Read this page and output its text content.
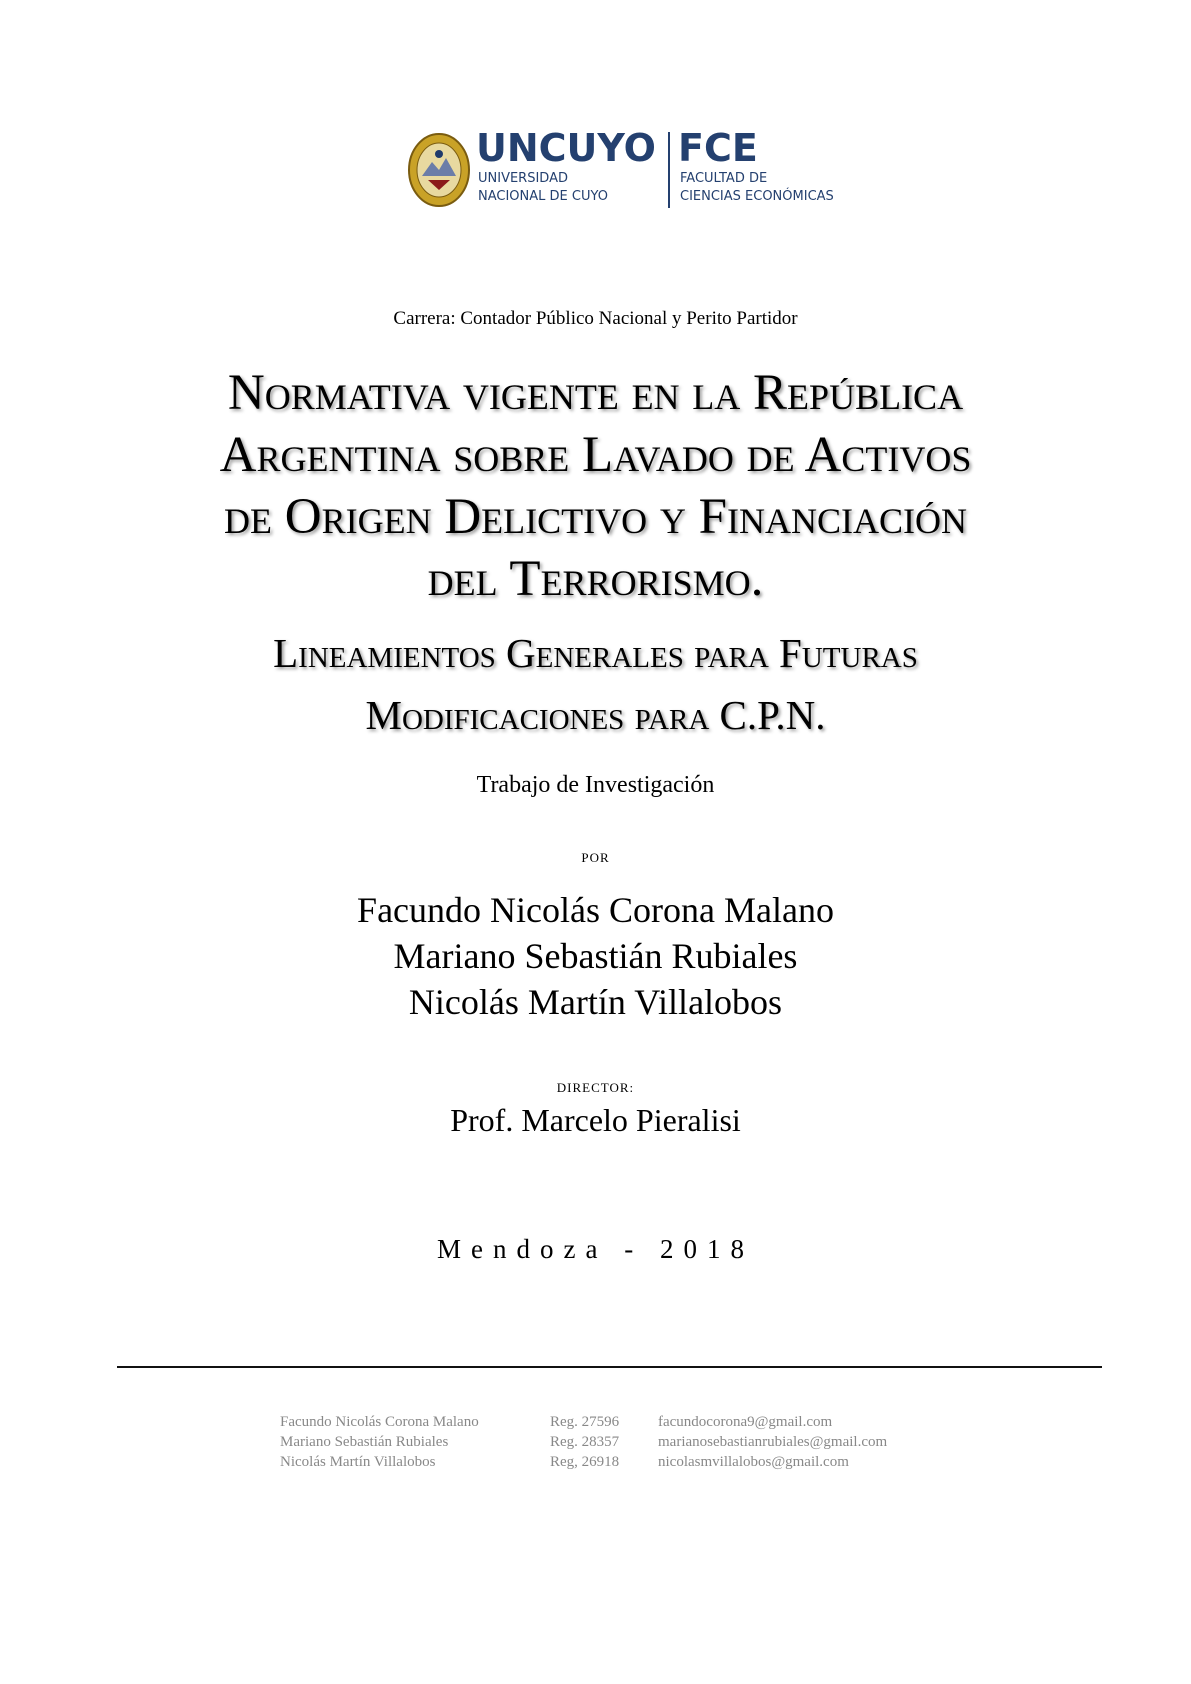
UNCUYO
UNIVERSIDAD
NACIONAL DE CUYO
FCE
FACULTAD DE
CIENCIAS ECONÓMICAS
Carrera: Contador Público Nacional y Perito Partidor
Normativa vigente en la República
Argentina sobre Lavado de Activos
de Origen Delictivo y Financiación
del Terrorismo.
Lineamientos Generales para Futuras
Modificaciones para C.P.N.
Trabajo de Investigación
POR
Facundo Nicolás Corona Malano
Mariano Sebastián Rubiales
Nicolás Martín Villalobos
DIRECTOR:
Prof. Marcelo Pieralisi
Mendoza - 2018
Facundo Nicolás Corona Malano	Reg. 27596	facundocorona9@gmail.com
Mariano Sebastián Rubiales	Reg. 28357	marianosebastianrubiales@gmail.com
Nicolás Martín Villalobos	Reg, 26918	nicolasmvillalobos@gmail.com
